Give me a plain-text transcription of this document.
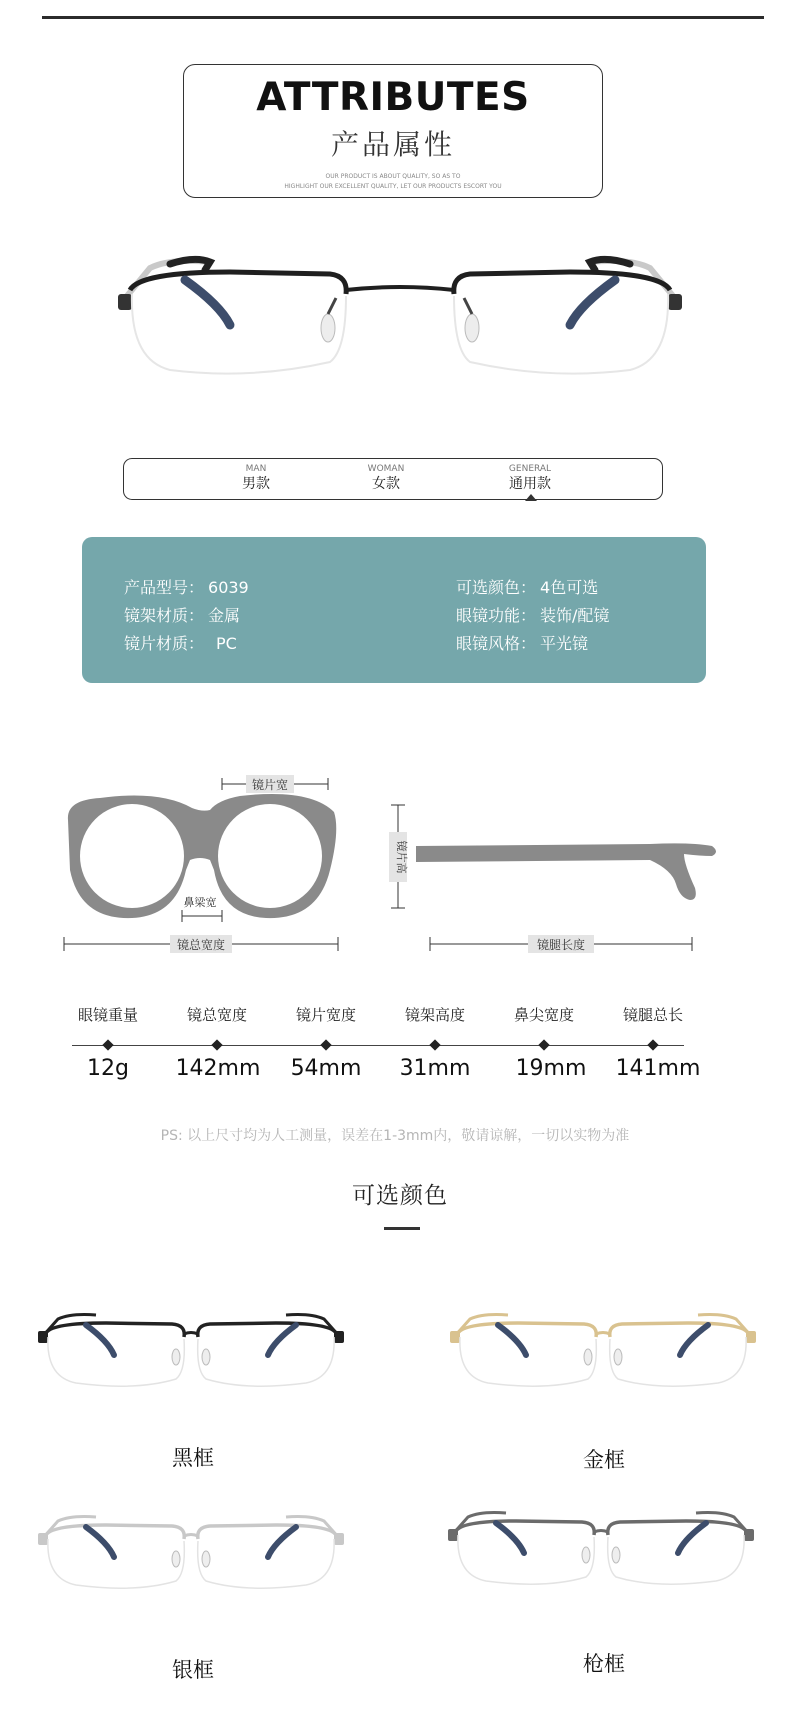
ATTRIBUTES
产品属性
OUR PRODUCT IS ABOUT QUALITY, SO AS TO
HIGHLIGHT OUR EXCELLENT QUALITY, LET OUR PRODUCTS ESCORT YOU
MAN
男款
WOMAN
女款
GENERAL
通用款
产品型号： 6039
镜架材质： 金属
镜片材质： PC
可选颜色： 4色可选
眼镜功能： 装饰/配镜
眼镜风格： 平光镜
镜片宽
鼻梁宽
镜总宽度
镜片高
镜腿长度
眼镜重量	镜总宽度	镜片宽度	镜架高度	鼻尖宽度	镜腿总长
12g	142mm	54mm	31mm	19mm	141mm
PS: 以上尺寸均为人工测量，误差在1-3mm内，敬请谅解，一切以实物为准
可选颜色
黑框	金框
银框	枪框
